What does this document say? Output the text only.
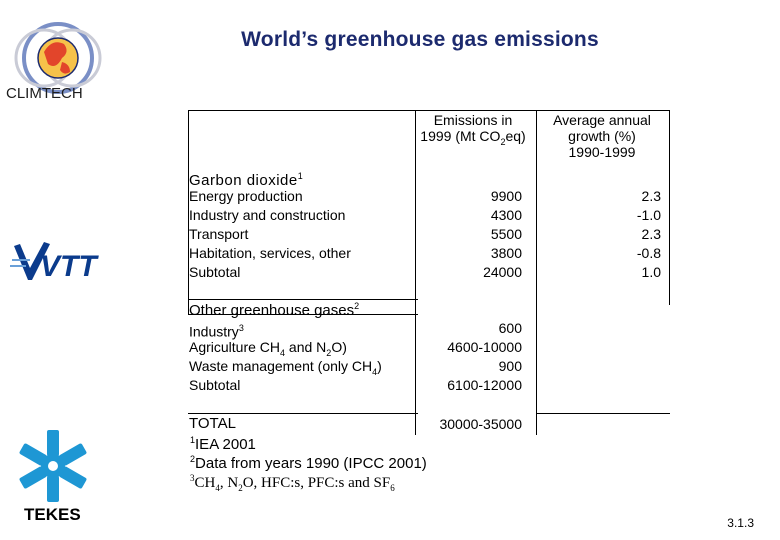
CLIMTECH
World’s greenhouse gas emissions
VTT
TEKES
Emissions in
1999 (Mt $CO_2eq$)
Average annual
growth (%)
1990-1999
Garbon dioxide$^1$
Energy production
Industry and construction
Transport
Habitation, services, other
Subtotal
9900
4300
5500
3800
24000
2.3
-1.0
2.3
-0.8
1.0
Other greenhouse gases$^2$
Industry$^3$
Agriculture $CH_4$ and $N_2O$)
Waste management (only $CH_4$)
Subtotal
600
4600-10000
900
6100-12000
TOTAL	30000-35000
$^1$IEA 2001
$^2$Data from years 1990 (IPCC 2001)
$^3CH_4$, $N_2O$, HFC:s, PFC:s and $SF_6$
3.1.3
